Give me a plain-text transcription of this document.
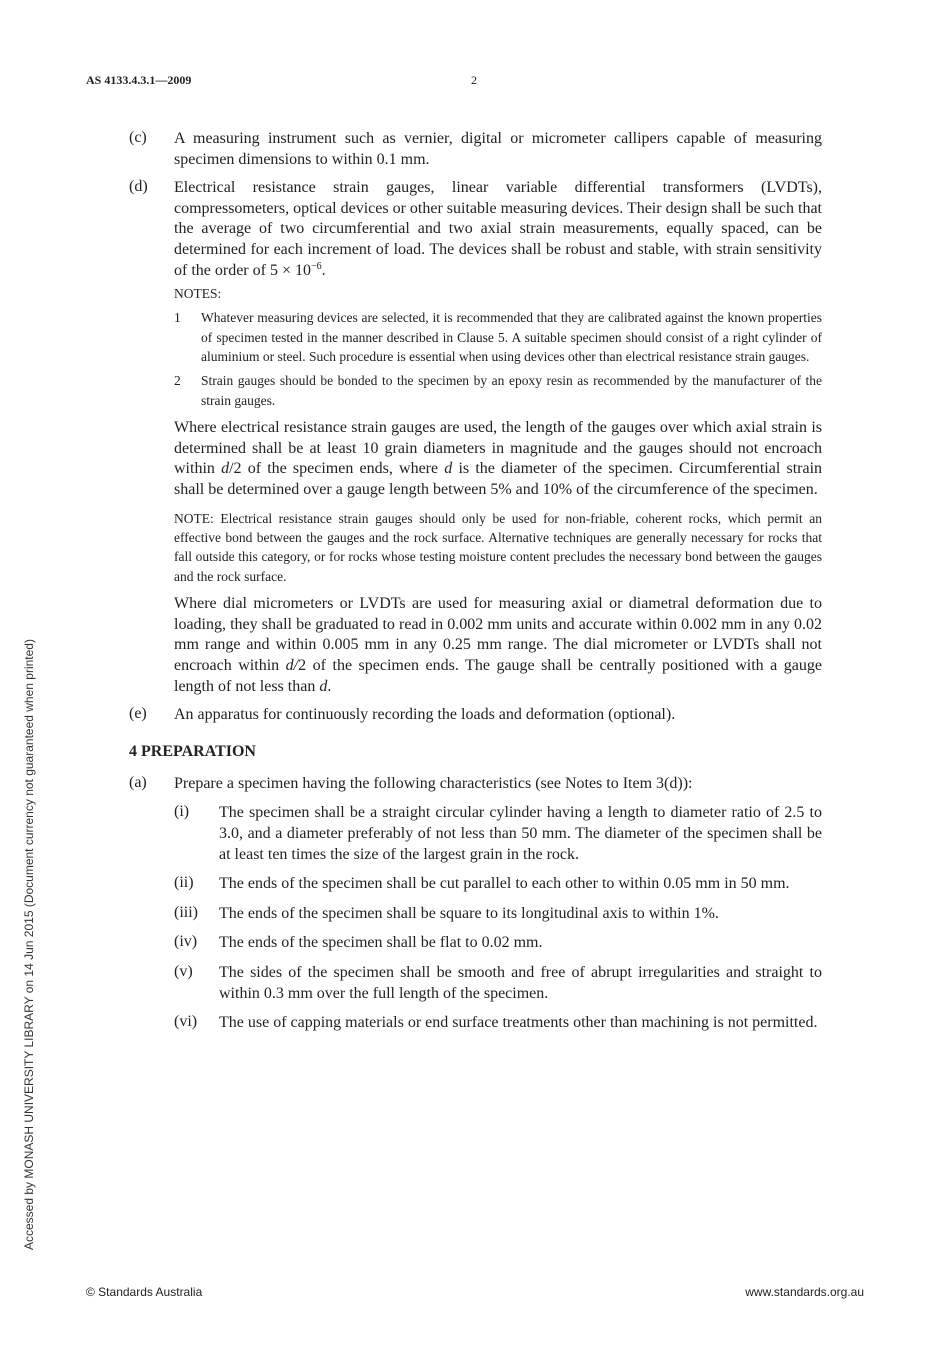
AS 4133.4.3.1—2009	2
Accessed by MONASH UNIVERSITY LIBRARY on 14 Jun 2015 (Document currency not guaranteed when printed)
(c) A measuring instrument such as vernier, digital or micrometer callipers capable of measuring specimen dimensions to within 0.1 mm.

(d) Electrical resistance strain gauges, linear variable differential transformers (LVDTs), compressometers, optical devices or other suitable measuring devices. Their design shall be such that the average of two circumferential and two axial strain measurements, equally spaced, can be determined for each increment of load. The devices shall be robust and stable, with strain sensitivity of the order of $5 \times 10^{-6}$.

NOTES:
1 Whatever measuring devices are selected, it is recommended that they are calibrated against the known properties of specimen tested in the manner described in Clause 5. A suitable specimen should consist of a right cylinder of aluminium or steel. Such procedure is essential when using devices other than electrical resistance strain gauges.

2 Strain gauges should be bonded to the specimen by an epoxy resin as recommended by the manufacturer of the strain gauges.

Where electrical resistance strain gauges are used, the length of the gauges over which axial strain is determined shall be at least 10 grain diameters in magnitude and the gauges should not encroach within d/2 of the specimen ends, where d is the diameter of the specimen. Circumferential strain shall be determined over a gauge length between 5% and 10% of the circumference of the specimen.

NOTE: Electrical resistance strain gauges should only be used for non-friable, coherent rocks, which permit an effective bond between the gauges and the rock surface. Alternative techniques are generally necessary for rocks that fall outside this category, or for rocks whose testing moisture content precludes the necessary bond between the gauges and the rock surface.

Where dial micrometers or LVDTs are used for measuring axial or diametral deformation due to loading, they shall be graduated to read in 0.002 mm units and accurate within 0.002 mm in any 0.02 mm range and within 0.005 mm in any 0.25 mm range. The dial micrometer or LVDTs shall not encroach within d/2 of the specimen ends. The gauge shall be centrally positioned with a gauge length of not less than d.

(e) An apparatus for continuously recording the loads and deformation (optional).

4 PREPARATION
(a) Prepare a specimen having the following characteristics (see Notes to Item 3(d)):

(i) The specimen shall be a straight circular cylinder having a length to diameter ratio of 2.5 to 3.0, and a diameter preferably of not less than 50 mm. The diameter of the specimen shall be at least ten times the size of the largest grain in the rock.

(ii) The ends of the specimen shall be cut parallel to each other to within 0.05 mm in 50 mm.

(iii) The ends of the specimen shall be square to its longitudinal axis to within 1%.

(iv) The ends of the specimen shall be flat to 0.02 mm.

(v) The sides of the specimen shall be smooth and free of abrupt irregularities and straight to within 0.3 mm over the full length of the specimen.

(vi) The use of capping materials or end surface treatments other than machining is not permitted.

© Standards Australia	www.standards.org.au
